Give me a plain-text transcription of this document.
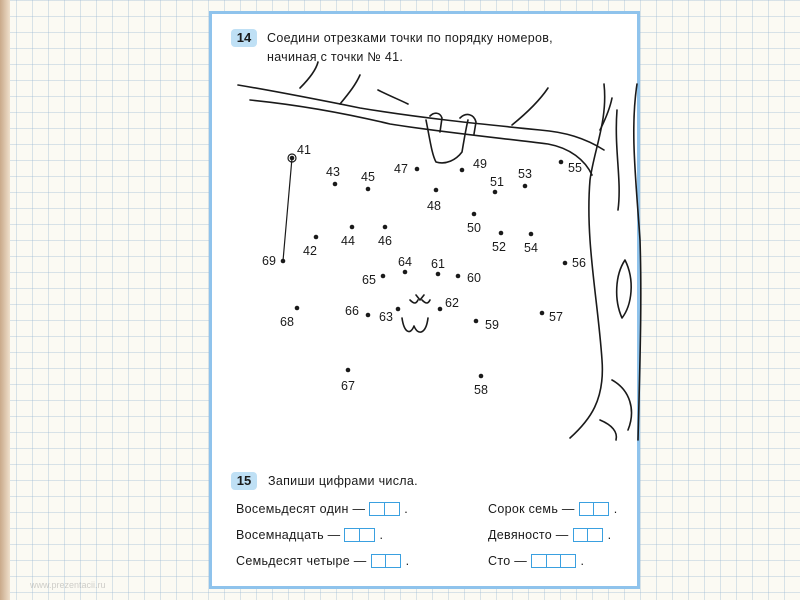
14	Соедини отрезками точки по порядку номеров,
начиная с точки № 41.
41
42
43
44
45
46
47
48
49
50
51
52
53
54
55
56
57
58
59
60
61
62
63
64
65
66
67
68
69
15	Запиши цифрами числа.
Восемьдесят один —	.
Восемнадцать —	.
Семьдесят четыре —	.
Сорок семь —	.
Девяносто —	.
Сто —	.
www.prezentacii.ru
